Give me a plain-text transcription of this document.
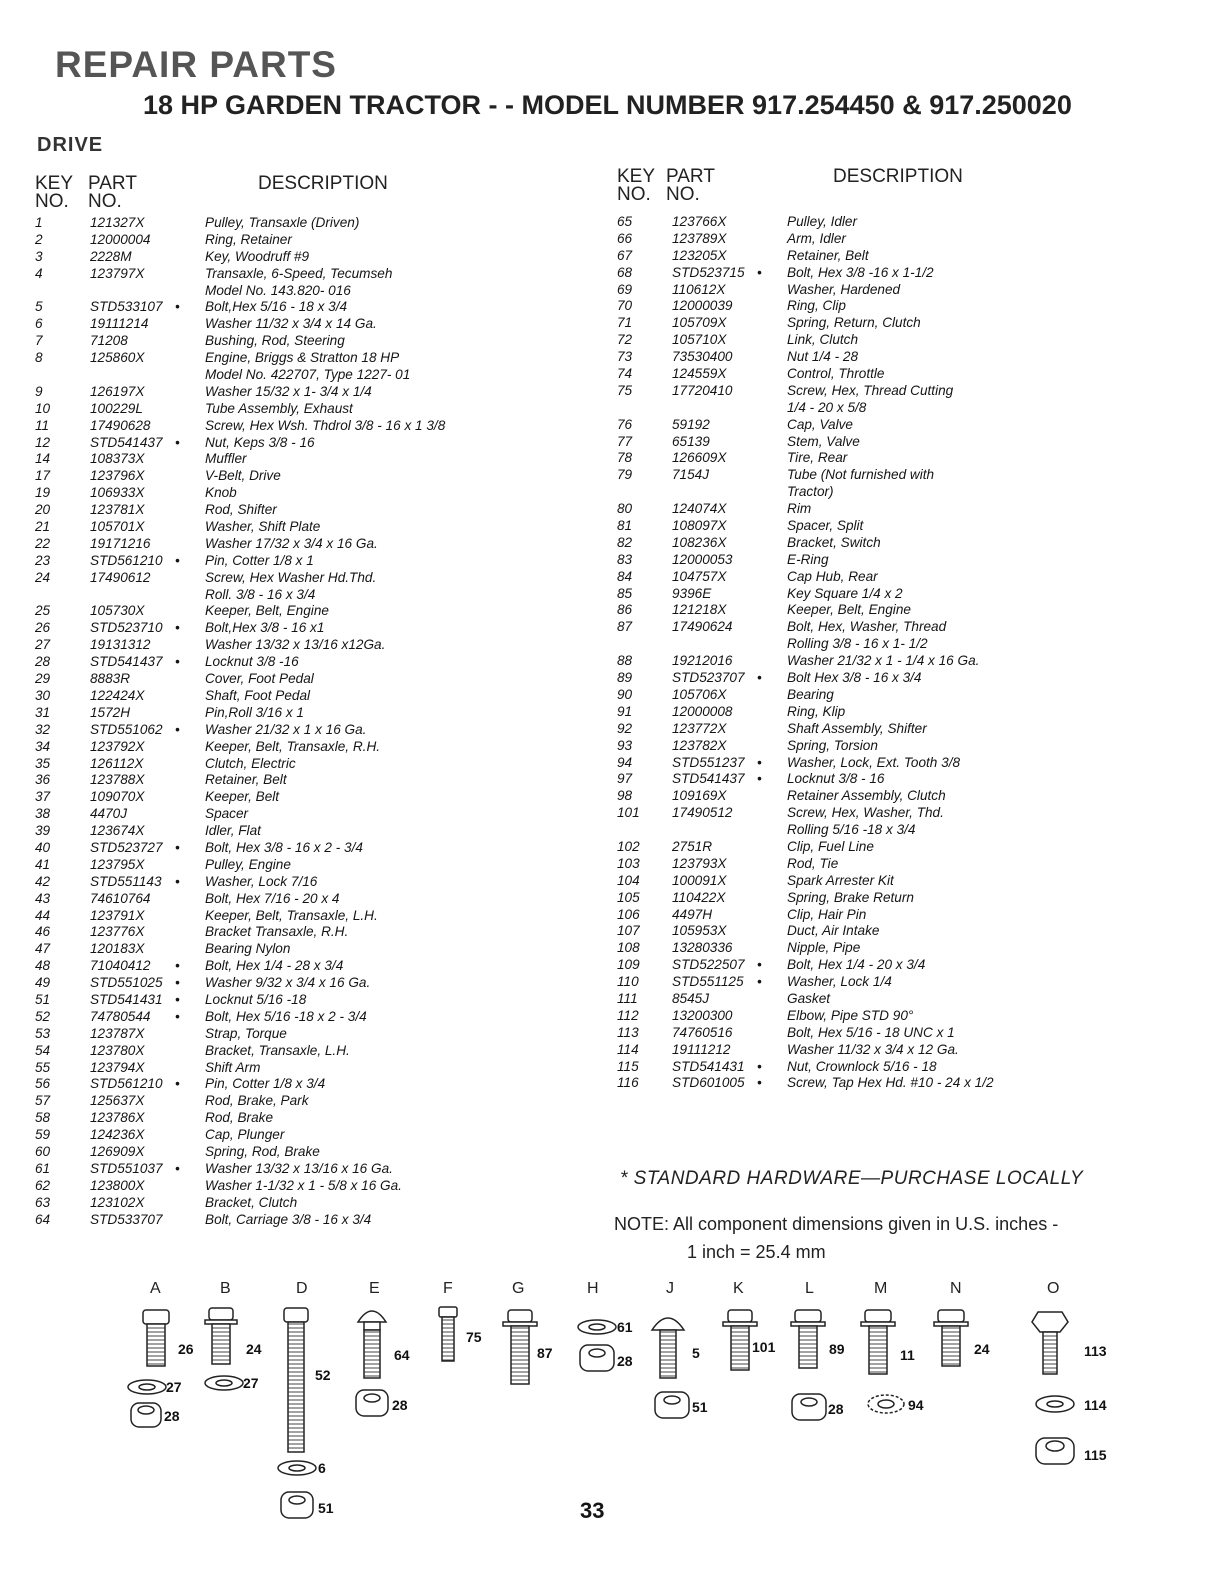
REPAIR PARTS
18 HP GARDEN TRACTOR - - MODEL NUMBER 917.254450 & 917.250020
DRIVE
KEY
NO.
PART
NO.
DESCRIPTION	KEY
NO.
PART
NO.
DESCRIPTION
1	121327X	Pulley, Transaxle (Driven)
2	12000004	Ring, Retainer
3	2228M	Key, Woodruff #9
4	123797X	Transaxle, 6-Speed, Tecumseh
Model No. 143.820- 016
5	STD533107 • Bolt,Hex 5/16 - 18 x 3/4
6	19111214	Washer 11/32 x 3/4 x 14 Ga.
7	71208	Bushing, Rod, Steering
8	125860X	Engine, Briggs & Stratton 18 HP
Model No. 422707, Type 1227- 01
9	126197X	Washer 15/32 x 1- 3/4 x 1/4
10	100229L	Tube Assembly, Exhaust
11	17490628	Screw, Hex Wsh. Thdrol 3/8 - 16 x 1 3/8
12	STD541437 • Nut, Keps 3/8 - 16
14	108373X	Muffler
17	123796X	V-Belt, Drive
19	106933X	Knob
20	123781X	Rod, Shifter
21	105701X	Washer, Shift Plate
22	19171216	Washer 17/32 x 3/4 x 16 Ga.
23	STD561210 • Pin, Cotter 1/8 x 1
24	17490612	Screw, Hex Washer Hd.Thd.
Roll. 3/8 - 16 x 3/4
25	105730X	Keeper, Belt, Engine
26	STD523710 • Bolt,Hex 3/8 - 16 x1
27	19131312	Washer 13/32 x 13/16 x12Ga.
28	STD541437 • Locknut 3/8 -16
29	8883R	Cover, Foot Pedal
30	122424X	Shaft, Foot Pedal
31	1572H	Pin,Roll 3/16 x 1
32	STD551062 • Washer 21/32 x 1 x 16 Ga.
34	123792X	Keeper, Belt, Transaxle, R.H.
35	126112X	Clutch, Electric
36	123788X	Retainer, Belt
37	109070X	Keeper, Belt
38	4470J	Spacer
39	123674X	Idler, Flat
40	STD523727 • Bolt, Hex 3/8 - 16 x 2 - 3/4
41	123795X	Pulley, Engine
42	STD551143 • Washer, Lock 7/16
43	74610764	Bolt, Hex 7/16 - 20 x 4
44	123791X	Keeper, Belt, Transaxle, L.H.
46	123776X	Bracket Transaxle, R.H.
47	120183X	Bearing Nylon
48	71040412 • Bolt, Hex 1/4 - 28 x 3/4
49	STD551025 • Washer 9/32 x 3/4 x 16 Ga.
51	STD541431 • Locknut 5/16 -18
52	74780544 • Bolt, Hex 5/16 -18 x 2 - 3/4
53	123787X	Strap, Torque
54	123780X	Bracket, Transaxle, L.H.
55	123794X	Shift Arm
56	STD561210 • Pin, Cotter 1/8 x 3/4
57	125637X	Rod, Brake, Park
58	123786X	Rod, Brake
59	124236X	Cap, Plunger
60	126909X	Spring, Rod, Brake
61	STD551037 • Washer 13/32 x 13/16 x 16 Ga.
62	123800X	Washer 1-1/32 x 1 - 5/8 x 16 Ga.
63	123102X	Bracket, Clutch
64	STD533707	Bolt, Carriage 3/8 - 16 x 3/4
65	123766X	Pulley, Idler
66	123789X	Arm, Idler
67	123205X	Retainer, Belt
68	STD523715 • Bolt, Hex 3/8 -16 x 1-1/2
69	110612X	Washer, Hardened
70	12000039	Ring, Clip
71	105709X	Spring, Return, Clutch
72	105710X	Link, Clutch
73	73530400	Nut 1/4 - 28
74	124559X	Control, Throttle
75	17720410	Screw, Hex, Thread Cutting
1/4 - 20 x 5/8
76	59192	Cap, Valve
77	65139	Stem, Valve
78	126609X	Tire, Rear
79	7154J	Tube (Not furnished with
Tractor)
80	124074X	Rim
81	108097X	Spacer, Split
82	108236X	Bracket, Switch
83	12000053	E-Ring
84	104757X	Cap Hub, Rear
85	9396E	Key Square 1/4 x 2
86	121218X	Keeper, Belt, Engine
87	17490624	Bolt, Hex, Washer, Thread
Rolling 3/8 - 16 x 1- 1/2
88	19212016	Washer 21/32 x 1 - 1/4 x 16 Ga.
89	STD523707 • Bolt Hex 3/8 - 16 x 3/4
90	105706X	Bearing
91	12000008	Ring, Klip
92	123772X	Shaft Assembly, Shifter
93	123782X	Spring, Torsion
94	STD551237 • Washer, Lock, Ext. Tooth 3/8
97	STD541437 • Locknut 3/8 - 16
98	109169X	Retainer Assembly, Clutch
101 17490512	Screw, Hex, Washer, Thd.
Rolling 5/16 -18 x 3/4
102 2751R	Clip, Fuel Line
103 123793X	Rod, Tie
104 100091X	Spark Arrester Kit
105 110422X	Spring, Brake Return
106 4497H	Clip, Hair Pin
107 105953X	Duct, Air Intake
108 13280336	Nipple, Pipe
109 STD522507 • Bolt, Hex 1/4 - 20 x 3/4
110 STD551125 • Washer, Lock 1/4
111	8545J	Gasket
112 13200300	Elbow, Pipe STD 90°
113 74760516	Bolt, Hex 5/16 - 18 UNC x 1
114 19111212	Washer 11/32 x 3/4 x 12 Ga.
115 STD541431 • Nut, Crownlock 5/16 - 18
116 STD601005 • Screw, Tap Hex Hd. #10 - 24 x 1/2
* STANDARD HARDWARE—PURCHASE LOCALLY
NOTE: All component dimensions given in U.S. inches -
1 inch = 25.4 mm
A	B	D	E	F	G	H	J	K	L	M	N	O
26
27
28
24
27	52
6
51
64
28
75
87
61
28	5
51
101	89
28
11
94
24	113
114
115
33
